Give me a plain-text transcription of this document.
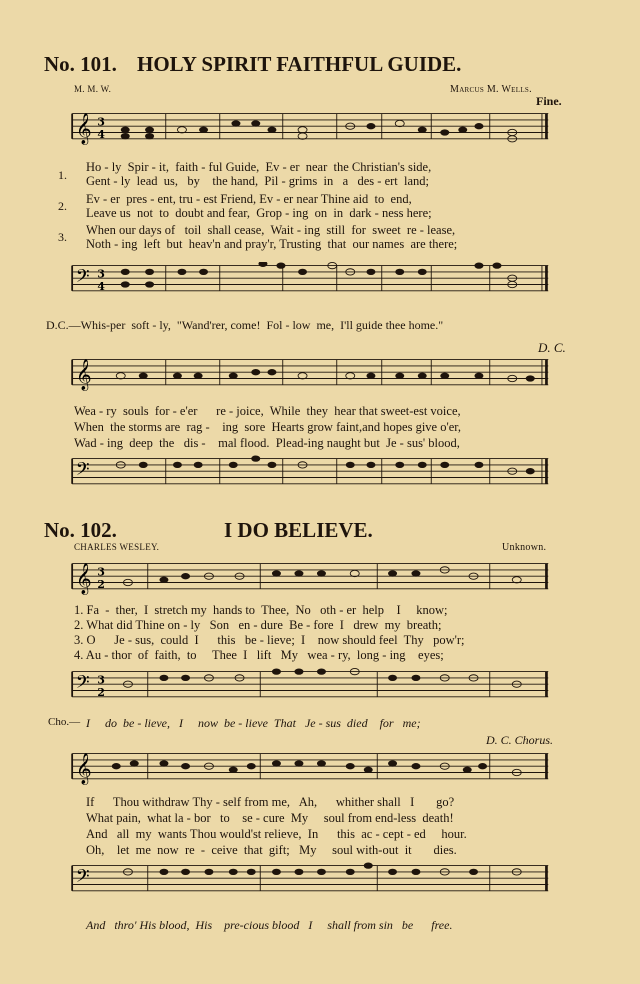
No. 101. HOLY SPIRIT FAITHFUL GUIDE.
M. M. W.	Marcus M. Wells.
Fine.
𝄞 3
4
1.
Ho - ly  Spir - it,  faith - ful Guide,  Ev - er  near  the Christian's side,
Gent - ly  lead  us,   by    the hand,  Pil - grims  in   a   des - ert  land;
2. Ev - er  pres - ent, tru - est Friend, Ev - er near Thine aid  to  end,
Leave us  not  to  doubt and fear,  Grop - ing  on  in  dark - ness here;
3. When our days of   toil  shall cease,  Wait - ing  still  for  sweet  re - lease,
Noth - ing  left  but  heav'n and pray'r, Trusting  that  our names  are there;
𝄢 3
4
D.C.—Whis-per  soft - ly,  "Wand'rer, come!  Fol - low  me,  I'll guide thee home."
D. C.
𝄞
Wea - ry  souls  for - e'er      re - joice,  While  they  hear that sweet-est voice,
When  the storms are  rag -    ing  sore  Hearts grow faint,and hopes give o'er,
Wad - ing  deep  the   dis -    mal flood.  Plead-ing naught but  Je - sus' blood,
𝄢
No. 102.	I DO BELIEVE.
CHARLES WESLEY.	Unknown.
𝄞 3
2
1. Fa  -  ther,  I  stretch my  hands to  Thee,  No   oth - er  help    I     know;
2. What did Thine on - ly   Son   en - dure  Be - fore  I   drew  my  breath;
3. O      Je - sus,  could  I      this   be - lieve;  I    now should feel  Thy   pow'r;
4. Au - thor  of  faith,  to     Thee  I   lift   My   wea - ry,  long - ing    eyes;
𝄢 3
2
Cho.— I     do  be - lieve,   I     now  be - lieve  That   Je - sus  died    for   me;
D. C. Chorus.
𝄞
If      Thou withdraw Thy - self from me,   Ah,      whither shall   I       go?
What pain,  what la - bor   to    se - cure  My     soul from end-less  death!
And   all  my  wants Thou would'st relieve,  In      this  ac - cept - ed     hour.
Oh,    let  me  now  re  -  ceive  that  gift;   My     soul with-out  it       dies.
𝄢
And   thro' His blood,  His    pre-cious blood   I     shall from sin   be      free.
